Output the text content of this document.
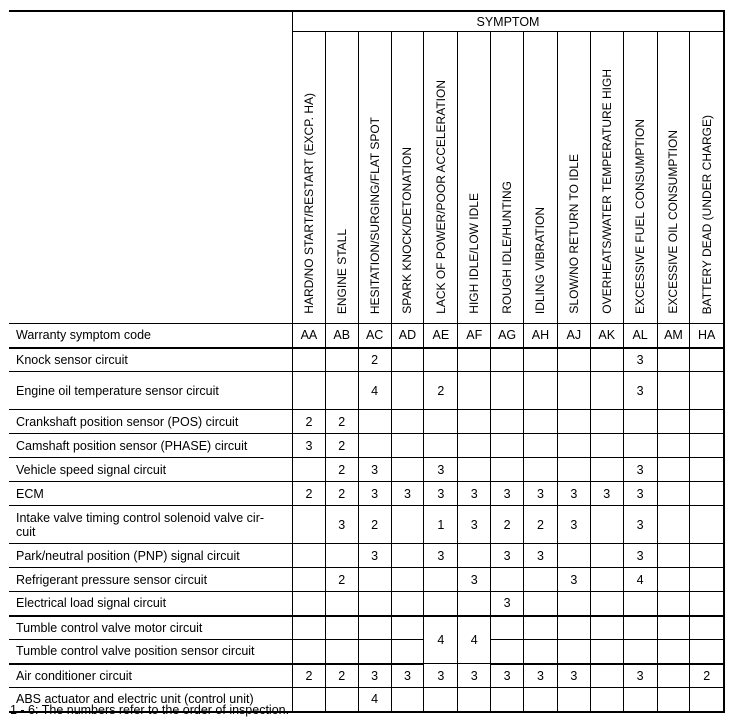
	SYMPTOM												
	HARD/NO START/RESTART (EXCP. HA)	ENGINE STALL	HESITATION/SURGING/FLAT SPOT	SPARK KNOCK/DETONATION	LACK OF POWER/POOR ACCELERATION	HIGH IDLE/LOW IDLE	ROUGH IDLE/HUNTING	IDLING VIBRATION	SLOW/NO RETURN TO IDLE	OVERHEATS/WATER TEMPERATURE HIGH	EXCESSIVE FUEL CONSUMPTION	EXCESSIVE OIL CONSUMPTION	BATTERY DEAD (UNDER CHARGE)
Warranty symptom code	AA	AB	AC	AD	AE	AF	AG	AH	AJ	AK	AL	AM	HA
Knock sensor circuit			2								3		
Engine oil temperature sensor circuit			4		2						3		
Crankshaft position sensor (POS) circuit	2	2											
Camshaft position sensor (PHASE) circuit	3	2											
Vehicle speed signal circuit		2	3		3						3		
ECM	2	2	3	3	3	3	3	3	3	3	3		

Intake valve timing control solenoid valve cir-
cuit		3	2		1	3	2	2	3		3		
Park/neutral position (PNP) signal circuit			3		3		3	3			3		
Refrigerant pressure sensor circuit		2				3			3		4		
Electrical load signal circuit							3						
Tumble control valve motor circuit					4	4							
Tumble control valve position sensor circuit													
Air conditioner circuit	2	2	3	3	3	3	3	3	3		3		2
ABS actuator and electric unit (control unit)			4										
1 - 6: The numbers refer to the order of inspection.
